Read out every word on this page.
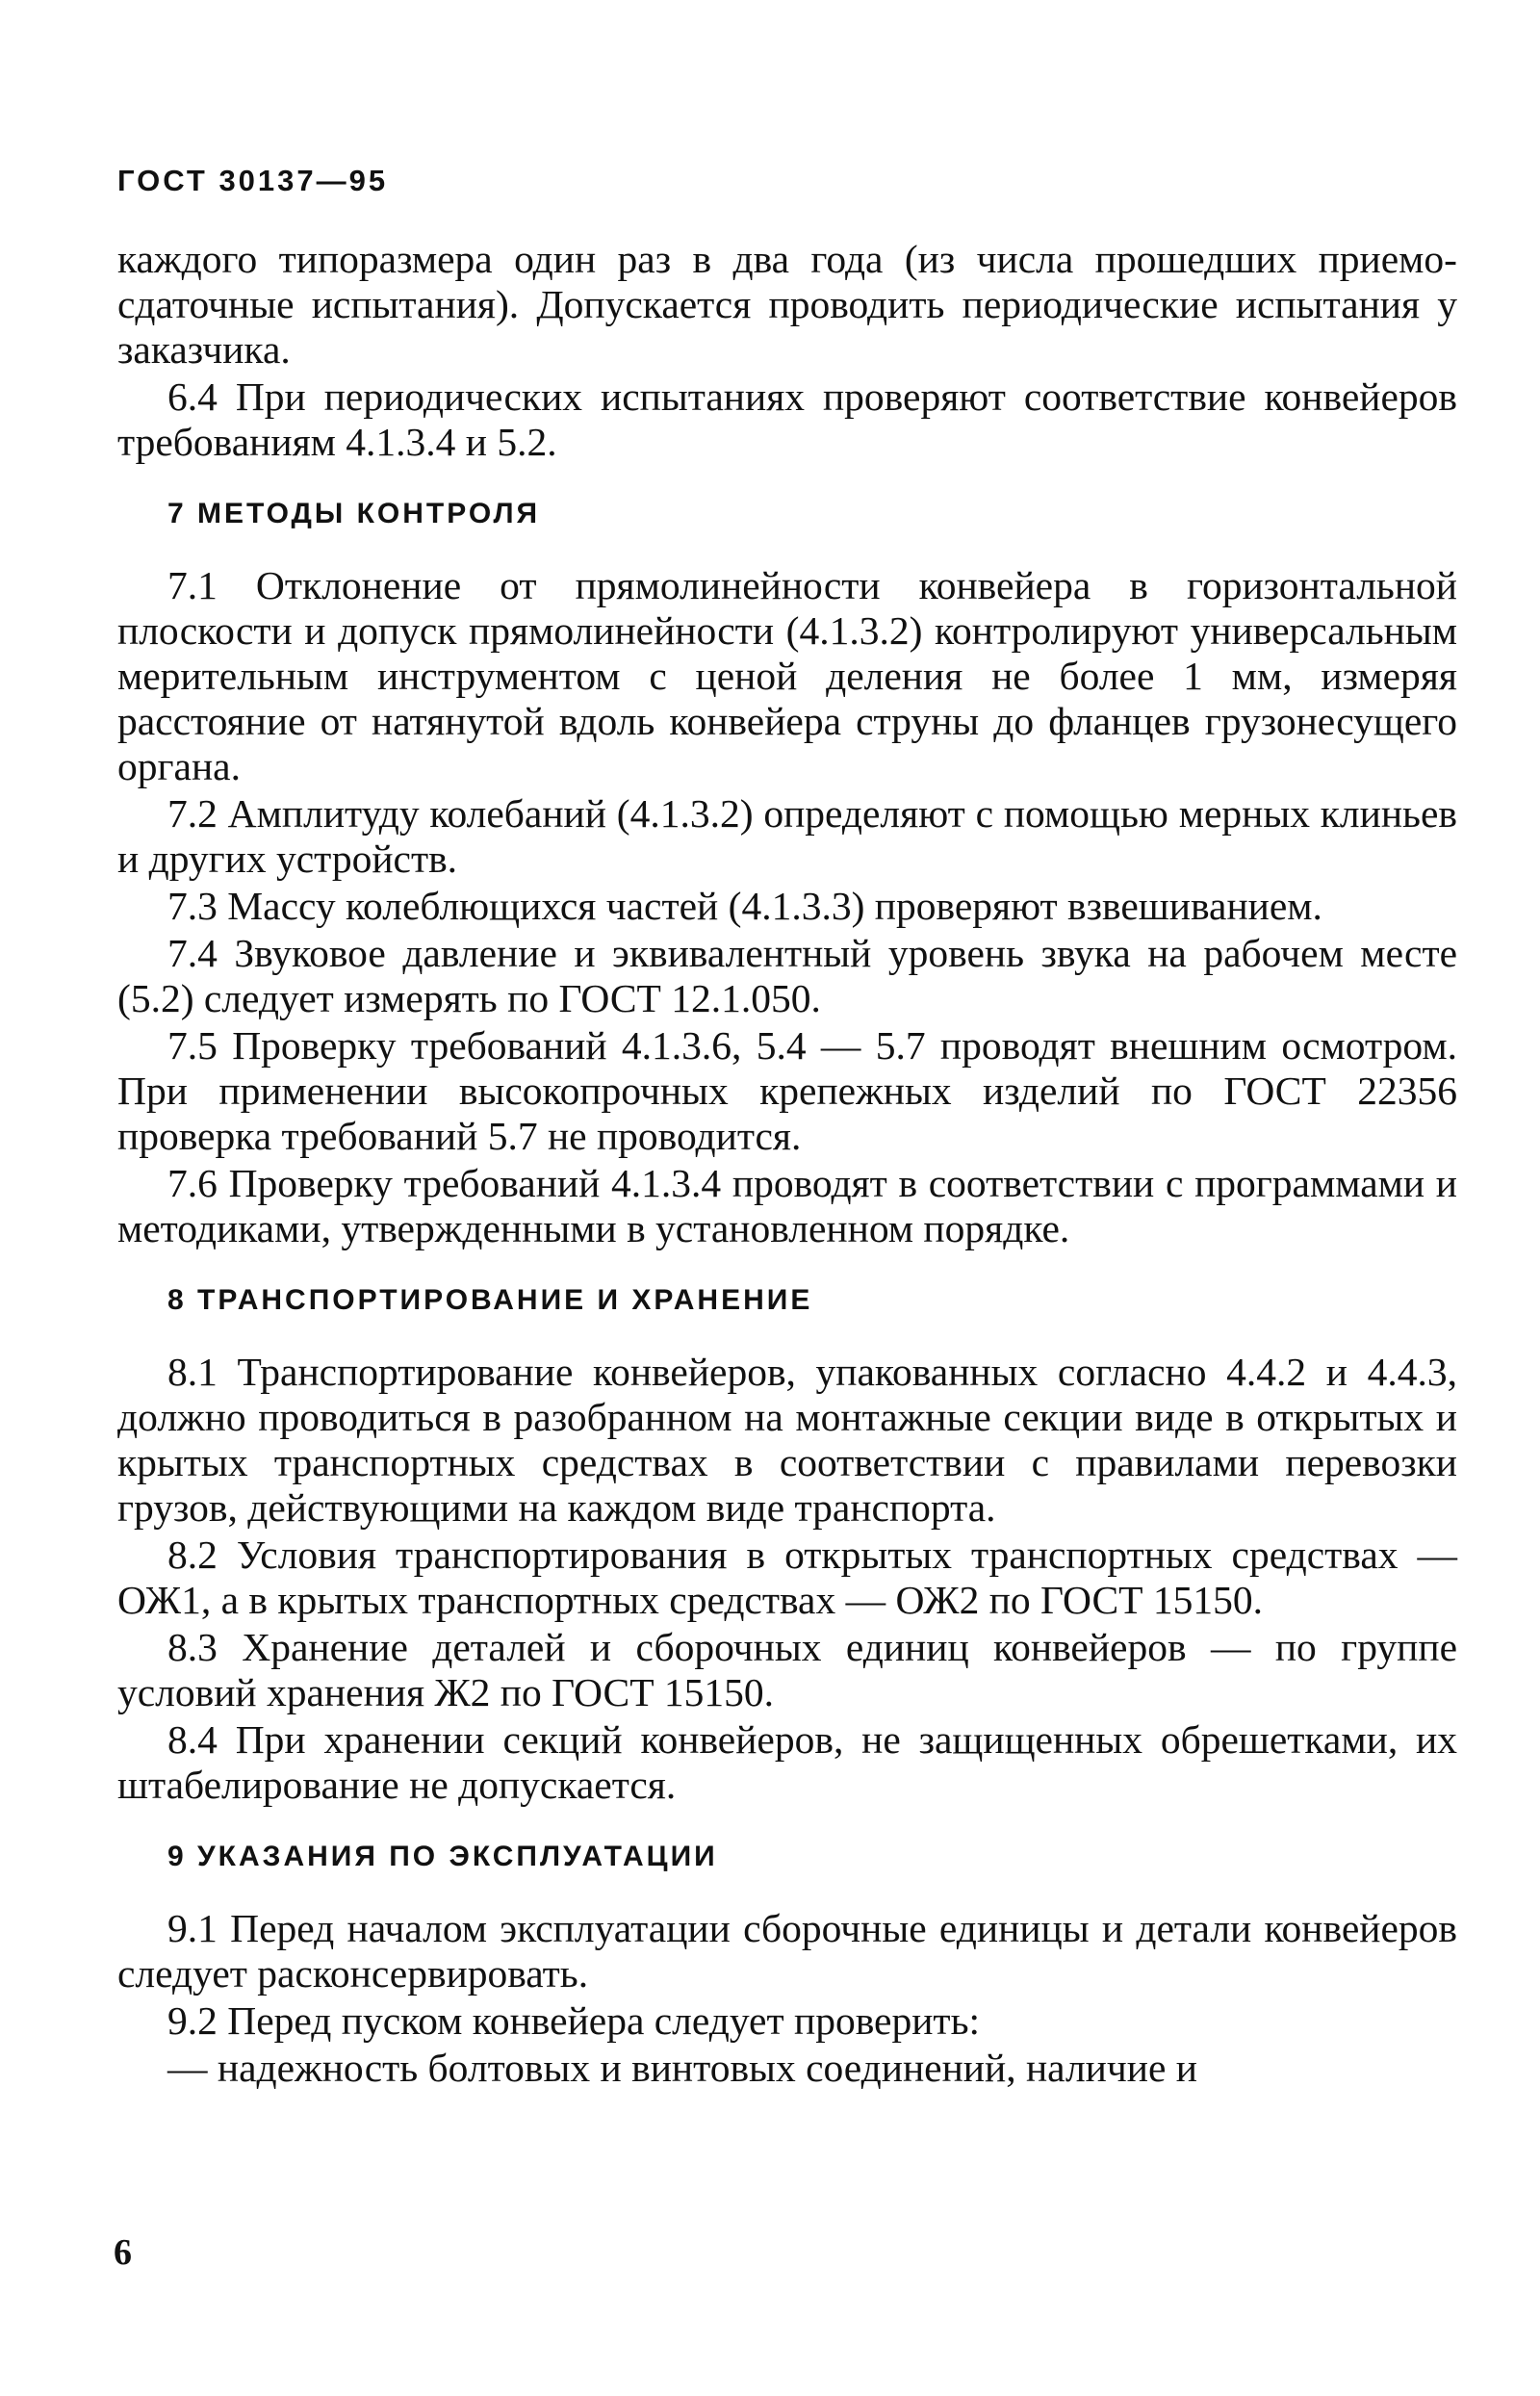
ГОСТ 30137—95
каждого типоразмера один раз в два года (из числа прошедших приемо-сдаточные испытания). Допускается проводить периодические испытания у заказчика.
6.4 При периодических испытаниях проверяют соответствие конвейеров требованиям 4.1.3.4 и 5.2.
7 МЕТОДЫ КОНТРОЛЯ
7.1 Отклонение от прямолинейности конвейера в горизонтальной плоскости и допуск прямолинейности (4.1.3.2) контролируют универсальным мерительным инструментом с ценой деления не более 1 мм, измеряя расстояние от натянутой вдоль конвейера струны до фланцев грузонесущего органа.
7.2 Амплитуду колебаний (4.1.3.2) определяют с помощью мерных клиньев и других устройств.
7.3 Массу колеблющихся частей (4.1.3.3) проверяют взвешиванием.
7.4 Звуковое давление и эквивалентный уровень звука на рабочем месте (5.2) следует измерять по ГОСТ 12.1.050.
7.5 Проверку требований 4.1.3.6, 5.4 — 5.7 проводят внешним осмотром. При применении высокопрочных крепежных изделий по ГОСТ 22356 проверка требований 5.7 не проводится.
7.6 Проверку требований 4.1.3.4 проводят в соответствии с программами и методиками, утвержденными в установленном порядке.
8 ТРАНСПОРТИРОВАНИЕ И ХРАНЕНИЕ
8.1 Транспортирование конвейеров, упакованных согласно 4.4.2 и 4.4.3, должно проводиться в разобранном на монтажные секции виде в открытых и крытых транспортных средствах в соответствии с правилами перевозки грузов, действующими на каждом виде транспорта.
8.2 Условия транспортирования в открытых транспортных средствах — ОЖ1, а в крытых транспортных средствах — ОЖ2 по ГОСТ 15150.
8.3 Хранение деталей и сборочных единиц конвейеров — по группе условий хранения Ж2 по ГОСТ 15150.
8.4 При хранении секций конвейеров, не защищенных обрешетками, их штабелирование не допускается.
9 УКАЗАНИЯ ПО ЭКСПЛУАТАЦИИ
9.1 Перед началом эксплуатации сборочные единицы и детали конвейеров следует расконсервировать.
9.2 Перед пуском конвейера следует проверить:
— надежность болтовых и винтовых соединений, наличие и
6
